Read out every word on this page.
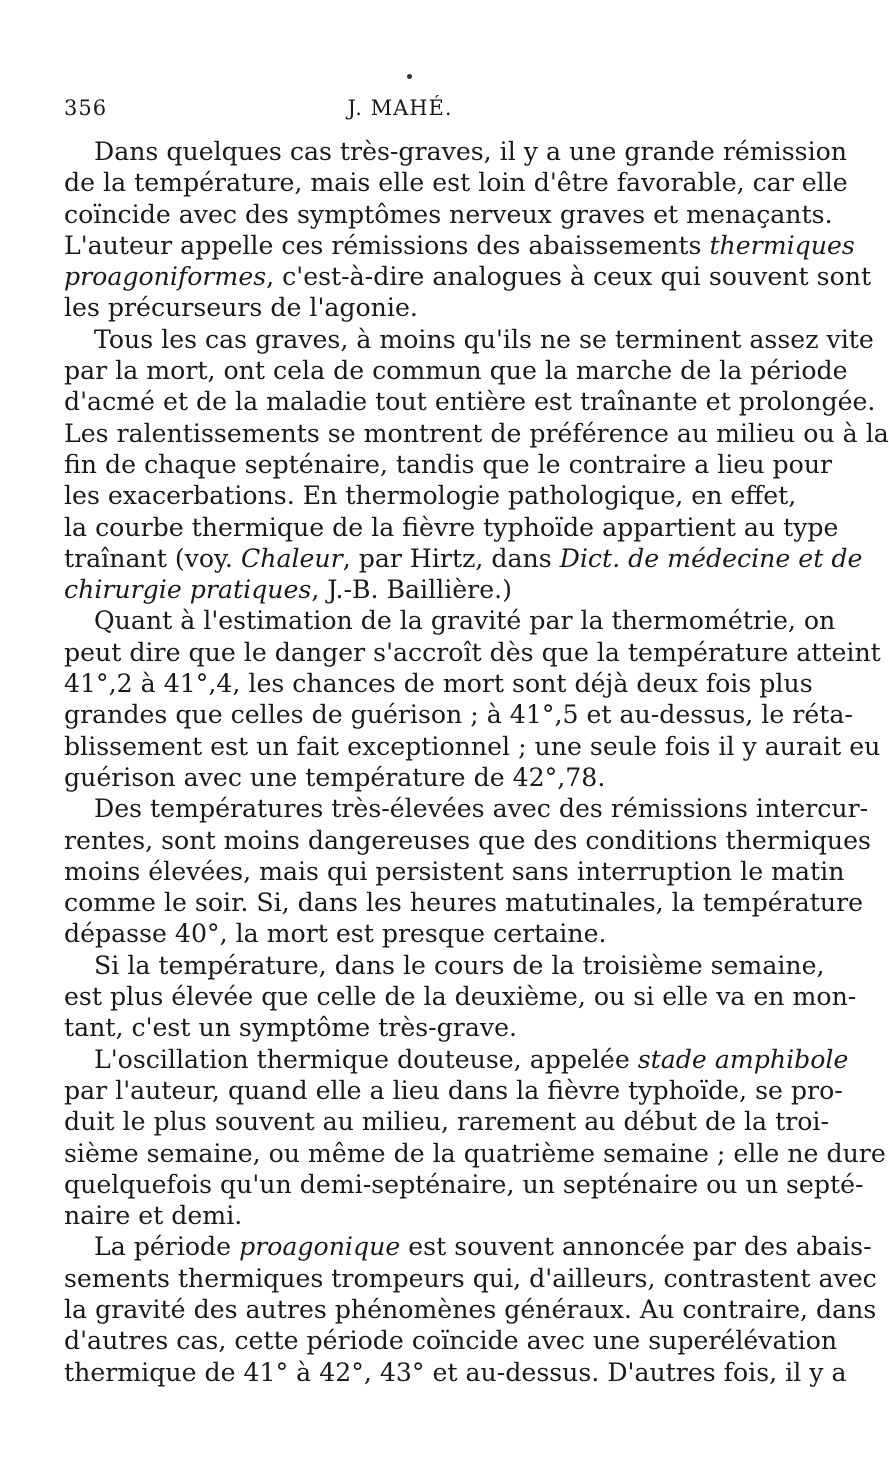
356	J. MAHÉ.
Dans quelques cas très-graves, il y a une grande rémission
de la température, mais elle est loin d'être favorable, car elle
coïncide avec des symptômes nerveux graves et menaçants.
L'auteur appelle ces rémissions des abaissements thermiques
proagoniformes, c'est-à-dire analogues à ceux qui souvent sont
les précurseurs de l'agonie.
Tous les cas graves, à moins qu'ils ne se terminent assez vite
par la mort, ont cela de commun que la marche de la période
d'acmé et de la maladie tout entière est traînante et prolongée.
Les ralentissements se montrent de préférence au milieu ou à la
fin de chaque septénaire, tandis que le contraire a lieu pour
les exacerbations. En thermologie pathologique, en effet,
la courbe thermique de la fièvre typhoïde appartient au type
traînant (voy. Chaleur, par Hirtz, dans Dict. de médecine et de
chirurgie pratiques, J.-B. Baillière.)
Quant à l'estimation de la gravité par la thermométrie, on
peut dire que le danger s'accroît dès que la température atteint
41°,2 à 41°,4, les chances de mort sont déjà deux fois plus
grandes que celles de guérison ; à 41°,5 et au-dessus, le réta-
blissement est un fait exceptionnel ; une seule fois il y aurait eu
guérison avec une température de 42°,78.
Des températures très-élevées avec des rémissions intercur-
rentes, sont moins dangereuses que des conditions thermiques
moins élevées, mais qui persistent sans interruption le matin
comme le soir. Si, dans les heures matutinales, la température
dépasse 40°, la mort est presque certaine.
Si la température, dans le cours de la troisième semaine,
est plus élevée que celle de la deuxième, ou si elle va en mon-
tant, c'est un symptôme très-grave.
L'oscillation thermique douteuse, appelée stade amphibole
par l'auteur, quand elle a lieu dans la fièvre typhoïde, se pro-
duit le plus souvent au milieu, rarement au début de la troi-
sième semaine, ou même de la quatrième semaine ; elle ne dure
quelquefois qu'un demi-septénaire, un septénaire ou un septé-
naire et demi.
La période proagonique est souvent annoncée par des abais-
sements thermiques trompeurs qui, d'ailleurs, contrastent avec
la gravité des autres phénomènes généraux. Au contraire, dans
d'autres cas, cette période coïncide avec une superélévation
thermique de 41° à 42°, 43° et au-dessus. D'autres fois, il y a
